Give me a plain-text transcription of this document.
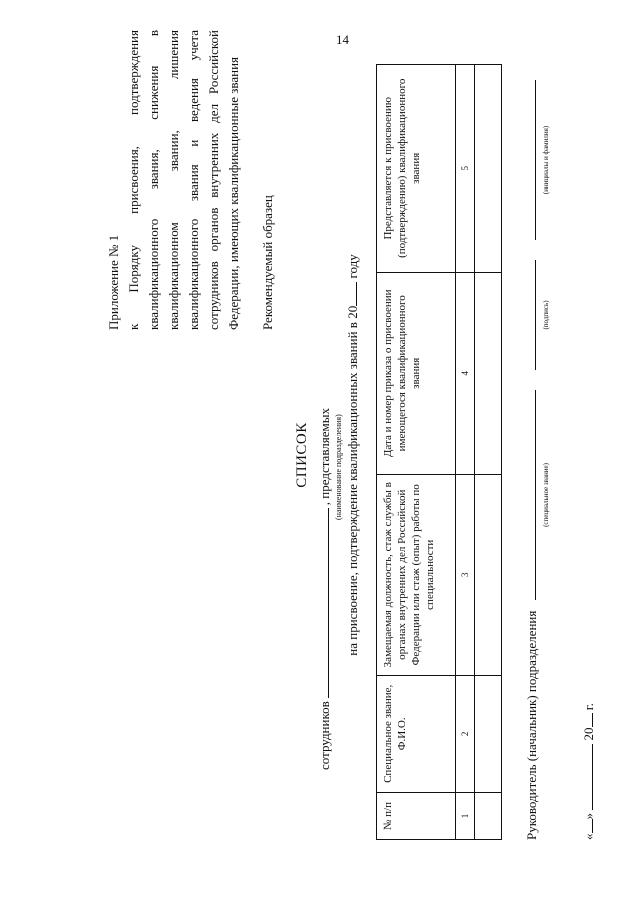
14
Приложение № 1 к Порядку присвоения, подтверждения квалификационного звания, снижения в квалификационном звании, лишения квалификационного звания и ведения учета сотрудников органов внутренних дел Российской Федерации, имеющих квалификационные звания Рекомендуемый образец
СПИСОК
сотрудников, представляемых (наименование подразделения) на присвоение, подтверждение квалификационных званий в 20 году
№ п/п	Специальное звание, Ф.И.О.	Замещаемая должность, стаж службы в органах внутренних дел Российской Федерации или стаж (опыт) работы по специальности	Дата и номер приказа о присвоении имеющегося квалификационного звания	Представляется к присвоению (подтверждению) квалификационного звания
1	2	3	4	5

Руководитель (начальник) подразделения
(специальное звание)
(подпись)
(инициалы и фамилия)
«»  20 г.
